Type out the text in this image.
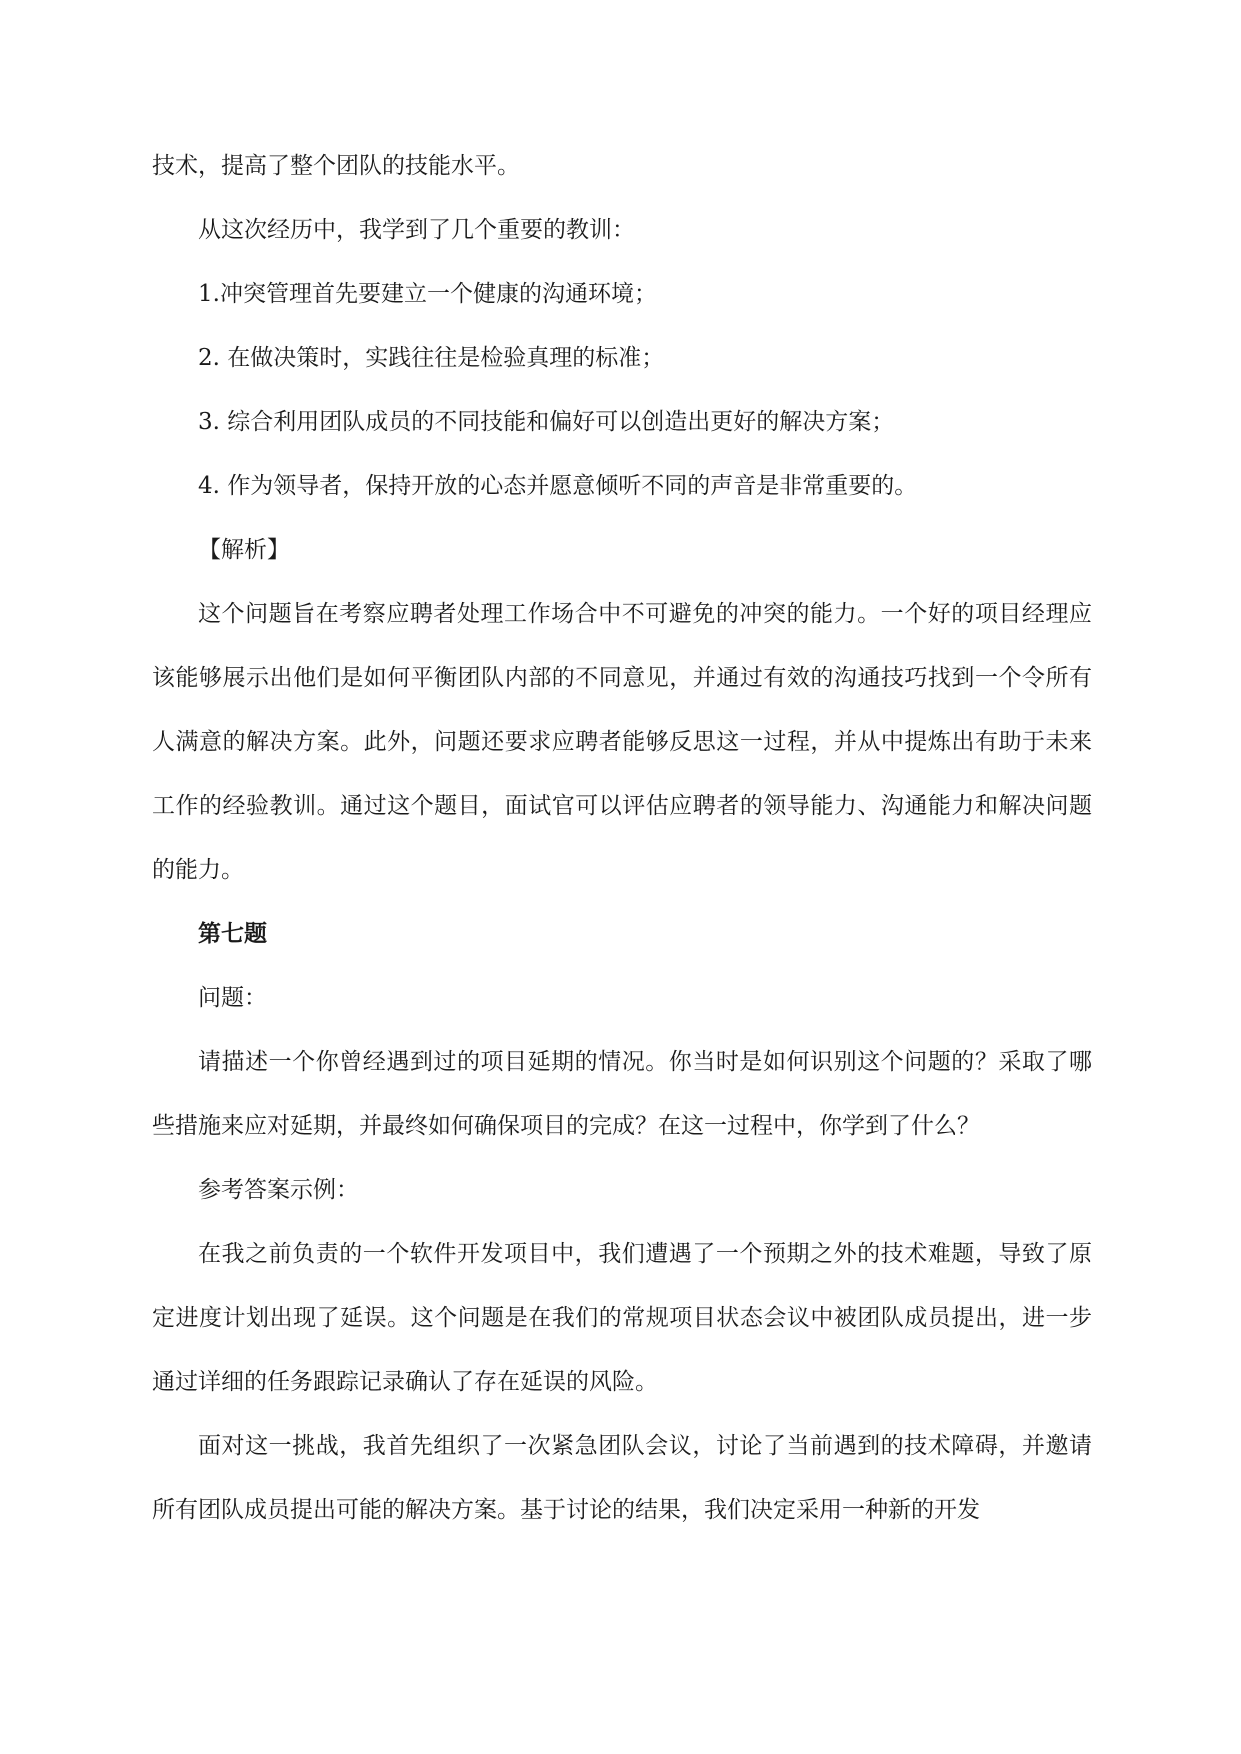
技术，提高了整个团队的技能水平。

从这次经历中，我学到了几个重要的教训：

1.冲突管理首先要建立一个健康的沟通环境；

2. 在做决策时，实践往往是检验真理的标准；

3. 综合利用团队成员的不同技能和偏好可以创造出更好的解决方案；

4. 作为领导者，保持开放的心态并愿意倾听不同的声音是非常重要的。

【解析】

这个问题旨在考察应聘者处理工作场合中不可避免的冲突的能力。一个好的项目经理应该能够展示出他们是如何平衡团队内部的不同意见，并通过有效的沟通技巧找到一个令所有人满意的解决方案。此外，问题还要求应聘者能够反思这一过程，并从中提炼出有助于未来工作的经验教训。通过这个题目，面试官可以评估应聘者的领导能力、沟通能力和解决问题的能力。

第七题

问题：

请描述一个你曾经遇到过的项目延期的情况。你当时是如何识别这个问题的？采取了哪些措施来应对延期，并最终如何确保项目的完成？在这一过程中，你学到了什么？

参考答案示例：

在我之前负责的一个软件开发项目中，我们遭遇了一个预期之外的技术难题，导致了原定进度计划出现了延误。这个问题是在我们的常规项目状态会议中被团队成员提出，进一步通过详细的任务跟踪记录确认了存在延误的风险。

面对这一挑战，我首先组织了一次紧急团队会议，讨论了当前遇到的技术障碍，并邀请所有团队成员提出可能的解决方案。基于讨论的结果，我们决定采用一种新的开发
